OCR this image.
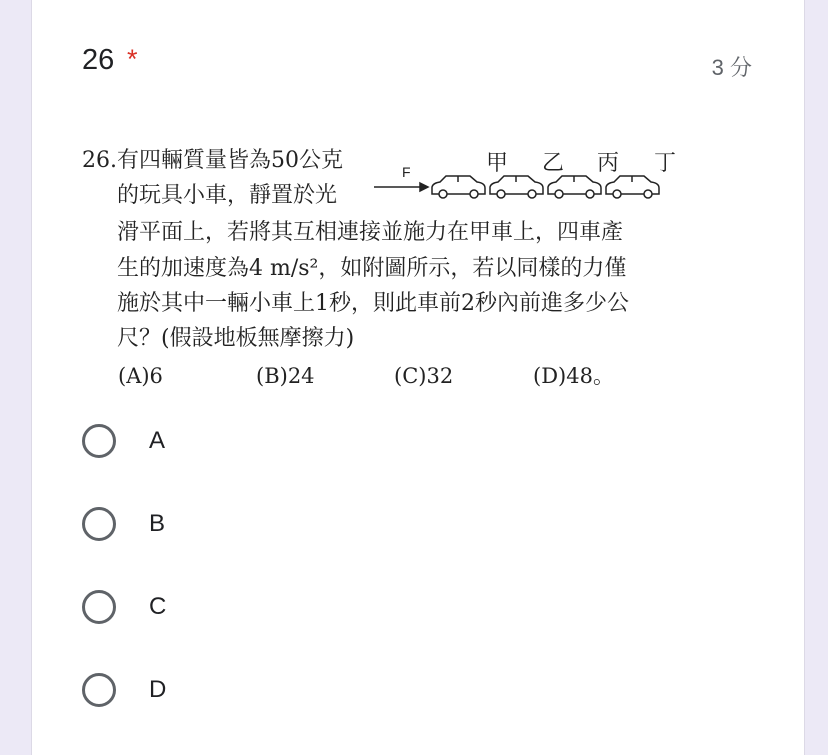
26 *	3 分
26. 有四輛質量皆為50公克
的玩具小車，靜置於光
滑平面上，若將其互相連接並施力在甲車上，四車產
生的加速度為4 m/s²，如附圖所示，若以同樣的力僅
施於其中一輛小車上1秒，則此車前2秒內前進多少公
尺？(假設地板無摩擦力)
(A)6	(B)24	(C)32	(D)48。
甲 乙 丙 丁
F
A
B
C
D
